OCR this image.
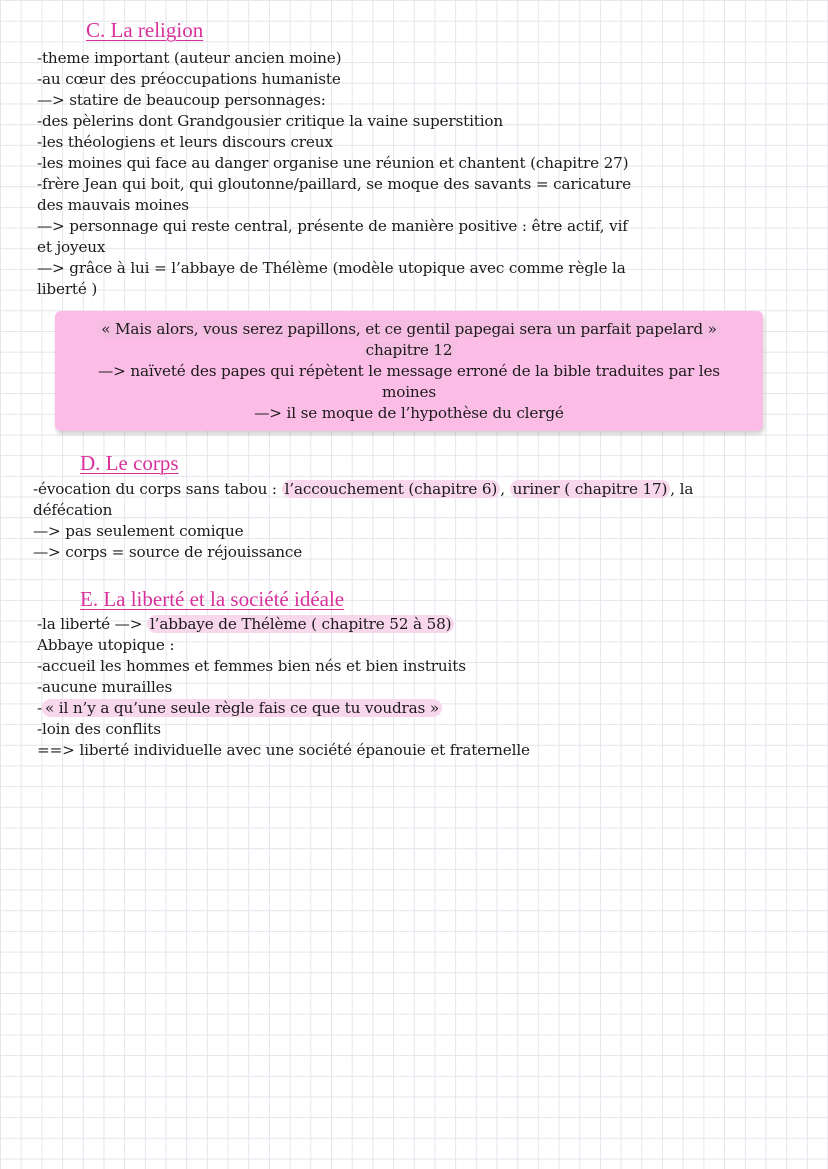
C. La religion
-theme important (auteur ancien moine)
-au cœur des préoccupations humaniste
—> statire de beaucoup personnages:
-des pèlerins dont Grandgousier critique la vaine superstition
-les théologiens et leurs discours creux
-les moines qui face au danger organise une réunion et chantent (chapitre 27)
-frère Jean qui boit, qui gloutonne/paillard, se moque des savants = caricature
des mauvais moines
—> personnage qui reste central, présente de manière positive : être actif, vif
et joyeux
—> grâce à lui = l’abbaye de Thélème (modèle utopique avec comme règle la
liberté )
« Mais alors, vous serez papillons, et ce gentil papegai sera un parfait papelard »
chapitre 12
—> naïveté des papes qui répètent le message erroné de la bible traduites par les
moines
—> il se moque de l’hypothèse du clergé
D. Le corps
-évocation du corps sans tabou : l’accouchement (chapitre 6) , uriner ( chapitre 17) , la
défécation
—> pas seulement comique
—> corps = source de réjouissance
E. La liberté et la société idéale
-la liberté —> l’abbaye de Thélème ( chapitre 52 à 58)
Abbaye utopique :
-accueil les hommes et femmes bien nés et bien instruits
-aucune murailles
- « il n’y a qu’une seule règle fais ce que tu voudras »
-loin des conflits
==> liberté individuelle avec une société épanouie et fraternelle
